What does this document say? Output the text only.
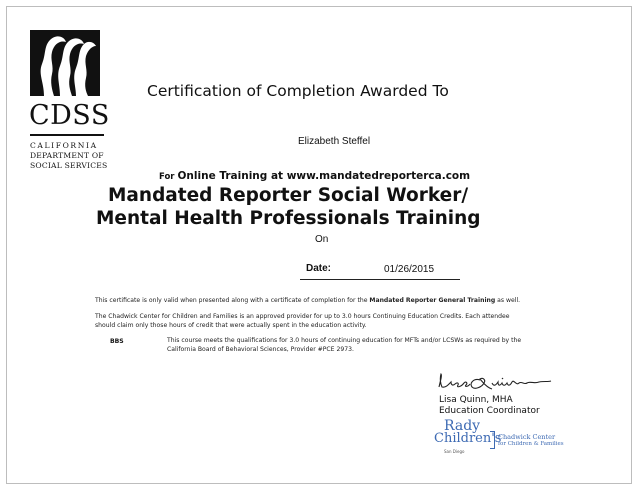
CDSS
CALIFORNIA
DEPARTMENT OF
SOCIAL SERVICES
Certification of Completion Awarded To
Elizabeth Steffel
For Online Training at www.mandatedreporterca.com
Mandated Reporter Social Worker/
Mental Health Professionals Training
On
Date:	01/26/2015
This certificate is only valid when presented along with a certificate of completion for the Mandated Reporter General Training as well.
The Chadwick Center for Children and Families is an approved provider for up to 3.0 hours Continuing Education Credits. Each attendee
should claim only those hours of credit that were actually spent in the education activity.
BBS	This course meets the qualifications for 3.0 hours of continuing education for MFTs and/or LCSWs as required by the
California Board of Behavioral Sciences, Provider #PCE 2973.
Lisa Quinn, MHA
Education Coordinator
Rady
Children's
San Diego
Chadwick Center
for Children & Families
